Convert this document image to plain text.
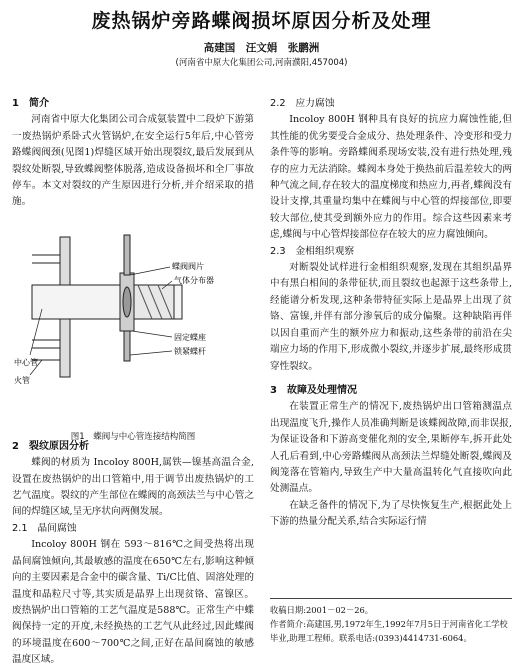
废热锅炉旁路蝶阀损坏原因分析及处理
高建国　汪文娟　张鹏洲
(河南省中原大化集团公司,河南濮阳,457004)
1　简介

河南省中原大化集团公司合成氨装置中二段炉下游第一废热锅炉系卧式火管锅炉,在安全运行5年后,中心管旁路蝶阀阀颈(见图1)焊缝区域开始出现裂纹,最后发展到从裂纹处断裂,导致蝶阀整体脱落,造成设备损坏和全厂事故停车。本文对裂纹的产生原因进行分析,并介绍采取的措施。

蝶阀阀片
气体分布器
中心管
固定蝶座
锁紧蝶杆
火管
图1　蝶阀与中心管连接结构简图
2　裂纹原因分析

蝶阀的材质为 Incoloy 800H,属铁—镍基高温合金,设置在废热锅炉的出口管箱中,用于调节出废热锅炉的工艺气温度。裂纹的产生部位在蝶阀的高颈法兰与中心管之间的焊缝区域,呈无序状向两侧发展。

2.1　晶间腐蚀

Incoloy 800H 钢在 593～816℃之间受热将出现晶间腐蚀倾向,其最敏感的温度在650℃左右,影响这种倾向的主要因素是合金中的碳含量、Ti/C比值、固溶处理的温度和晶粒尺寸等,其实质是晶界上出现贫铬、富镍区。废热锅炉出口管箱的工艺气温度是588℃。正常生产中蝶阀保持一定的开度,未经换热的工艺气从此经过,因此蝶阀的环境温度在600～700℃之间,正好在晶间腐蚀的敏感温度区域。

2.2　应力腐蚀

Incoloy 800H 钢种具有良好的抗应力腐蚀性能,但其性能的优劣要受合金成分、热处理条件、冷变形和受力条件等的影响。旁路蝶阀系现场安装,没有进行热处理,残存的应力无法消除。蝶阀本身处于换热前后温差较大的两种气流之间,存在较大的温度梯度和热应力,再者,蝶阀没有设计支撑,其重量均集中在蝶阀与中心管的焊接部位,即要较大部位,使其受到额外应力的作用。综合这些因素来考虑,蝶阀与中心管焊接部位存在较大的应力腐蚀倾向。

2.3　金相组织观察

对断裂处试样进行金相组织观察,发现在其组织晶界中有黑白相间的条带征状,而且裂纹也起源于这些条带上,经能谱分析发现,这种条带特征实际上是晶界上出现了贫铬、富镍,并伴有部分渗氧后的成分偏聚。这种缺陷再伴以因自重而产生的额外应力和振动,这些条带的前沿在尖端应力场的作用下,形成微小裂纹,并逐步扩展,最终形成贯穿性裂纹。

3　故障及处理情况

在装置正常生产的情况下,废热锅炉出口管箱测温点出现温度飞升,操作人员准确判断是该蝶阀故障,而非误报,为保证设备和下游高变催化剂的安全,果断停车,拆开此处人孔后看到,中心旁路蝶阀从高颈法兰焊缝处断裂,蝶阀及阀笼落在管箱内,导致生产中大量高温转化气直接吹向此处测温点。

在缺乏备件的情况下,为了尽快恢复生产,根据此处上下游的热量分配关系,结合实际运行情

收稿日期:2001－02－26。
作者简介:高建国,男,1972年生,1992年7月5日于河南省化工学校毕业,助理工程师。联系电话:(0393)4414731-6064。
